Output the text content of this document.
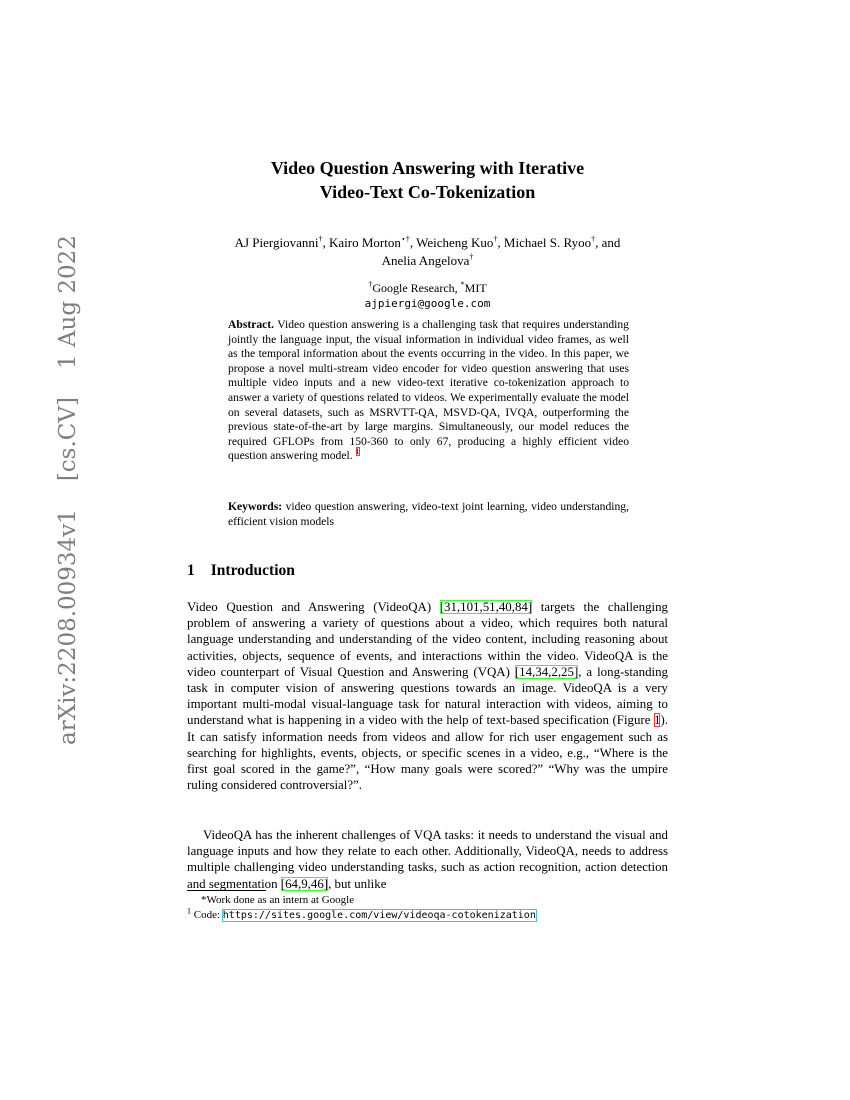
arXiv:2208.00934v1
[cs.CV]
1 Aug 2022
Video Question Answering with Iterative
Video-Text Co-Tokenization
AJ Piergiovanni†, Kairo Morton⋆†, Weicheng Kuo†, Michael S. Ryoo†, and
Anelia Angelova†
†Google Research, *MIT
ajpiergi@google.com

Abstract. Video question answering is a challenging task that requires understanding jointly the language input, the visual information in individual video frames, as well as the temporal information about the events occurring in the video. In this paper, we propose a novel multi-stream video encoder for video question answering that uses multiple video inputs and a new video-text iterative co-tokenization approach to answer a variety of questions related to videos. We experimentally evaluate the model on several datasets, such as MSRVTT-QA, MSVD-QA, IVQA, outperforming the previous state-of-the-art by large margins. Simultaneously, our model reduces the required GFLOPs from 150-360 to only 67, producing a highly efficient video question answering model. $^1$

Keywords: video question answering, video-text joint learning, video understanding, efficient vision models

1 Introduction

Video Question and Answering (VideoQA) [31,101,51,40,84] targets the challenging problem of answering a variety of questions about a video, which requires both natural language understanding and understanding of the video content, including reasoning about activities, objects, sequence of events, and interactions within the video. VideoQA is the video counterpart of Visual Question and Answering (VQA) [14,34,2,25], a long-standing task in computer vision of answering questions towards an image. VideoQA is a very important multi-modal visual-language task for natural interaction with videos, aiming to understand what is happening in a video with the help of text-based specification (Figure 1). It can satisfy information needs from videos and allow for rich user engagement such as searching for highlights, events, objects, or specific scenes in a video, e.g., “Where is the first goal scored in the game?”, “How many goals were scored?” “Why was the umpire ruling considered controversial?”.

VideoQA has the inherent challenges of VQA tasks: it needs to understand the visual and language inputs and how they relate to each other. Additionally, VideoQA, needs to address multiple challenging video understanding tasks, such as action recognition, action detection and segmentation [64,9,46], but unlike

*Work done as an intern at Google
$^1$ Code: https://sites.google.com/view/videoqa-cotokenization
